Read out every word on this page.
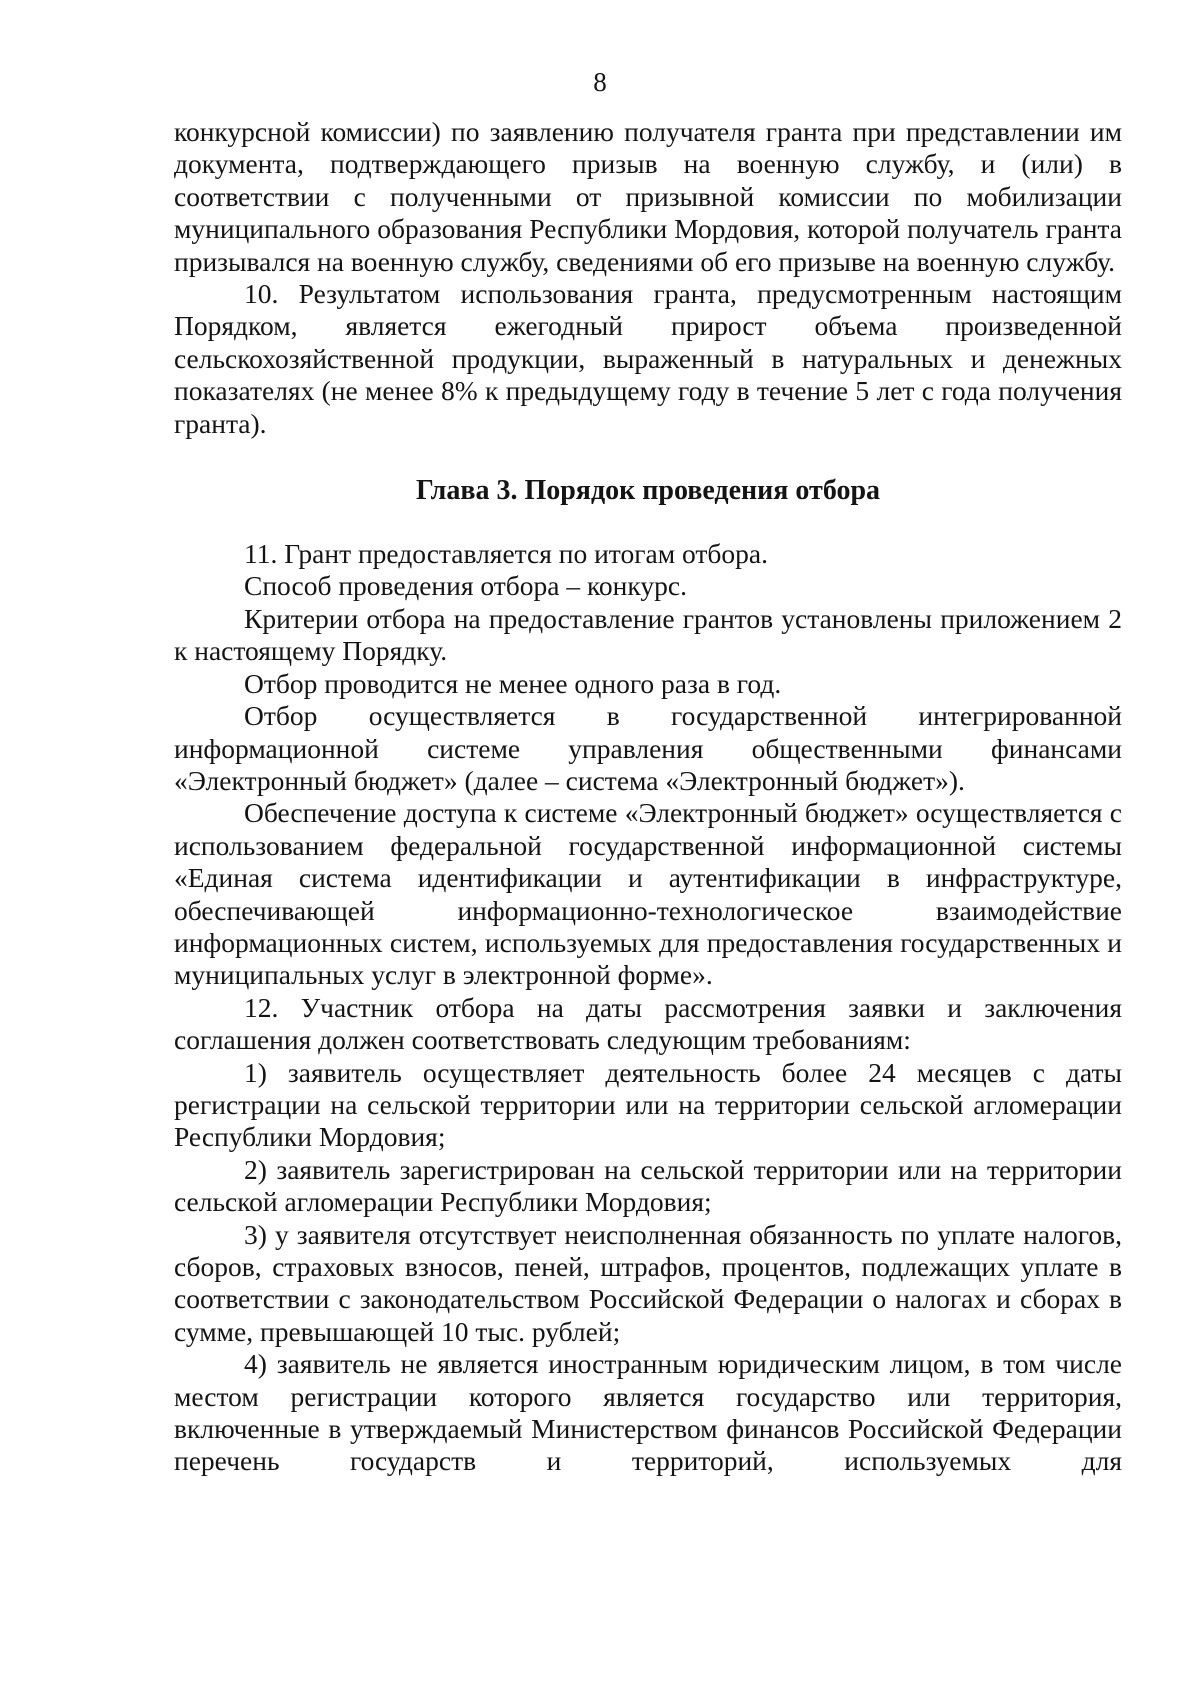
8

конкурсной комиссии) по заявлению получателя гранта при представлении им документа, подтверждающего призыв на военную службу, и (или) в соответствии с полученными от призывной комиссии по мобилизации муниципального образования Республики Мордовия, которой получатель гранта призывался на военную службу, сведениями об его призыве на военную службу.

10. Результатом использования гранта, предусмотренным настоящим Порядком, является ежегодный прирост объема произведенной сельскохозяйственной продукции, выраженный в натуральных и денежных показателях (не менее 8% к предыдущему году в течение 5 лет с года получения гранта).

Глава 3. Порядок проведения отбора

11. Грант предоставляется по итогам отбора.

Способ проведения отбора – конкурс.

Критерии отбора на предоставление грантов установлены приложением 2 к настоящему Порядку.

Отбор проводится не менее одного раза в год.

Отбор осуществляется в государственной интегрированной информационной системе управления общественными финансами «Электронный бюджет» (далее – система «Электронный бюджет»).

Обеспечение доступа к системе «Электронный бюджет» осуществляется с использованием федеральной государственной информационной системы «Единая система идентификации и аутентификации в инфраструктуре, обеспечивающей информационно-технологическое взаимодействие информационных систем, используемых для предоставления государственных и муниципальных услуг в электронной форме».

12. Участник отбора на даты рассмотрения заявки и заключения соглашения должен соответствовать следующим требованиям:

1) заявитель осуществляет деятельность более 24 месяцев с даты регистрации на сельской территории или на территории сельской агломерации Республики Мордовия;

2) заявитель зарегистрирован на сельской территории или на территории сельской агломерации Республики Мордовия;

3) у заявителя отсутствует неисполненная обязанность по уплате налогов, сборов, страховых взносов, пеней, штрафов, процентов, подлежащих уплате в соответствии с законодательством Российской Федерации о налогах и сборах в сумме, превышающей 10 тыс. рублей;

4) заявитель не является иностранным юридическим лицом, в том числе местом регистрации которого является государство или территория, включенные в утверждаемый Министерством финансов Российской Федерации перечень государств и территорий, используемых для
